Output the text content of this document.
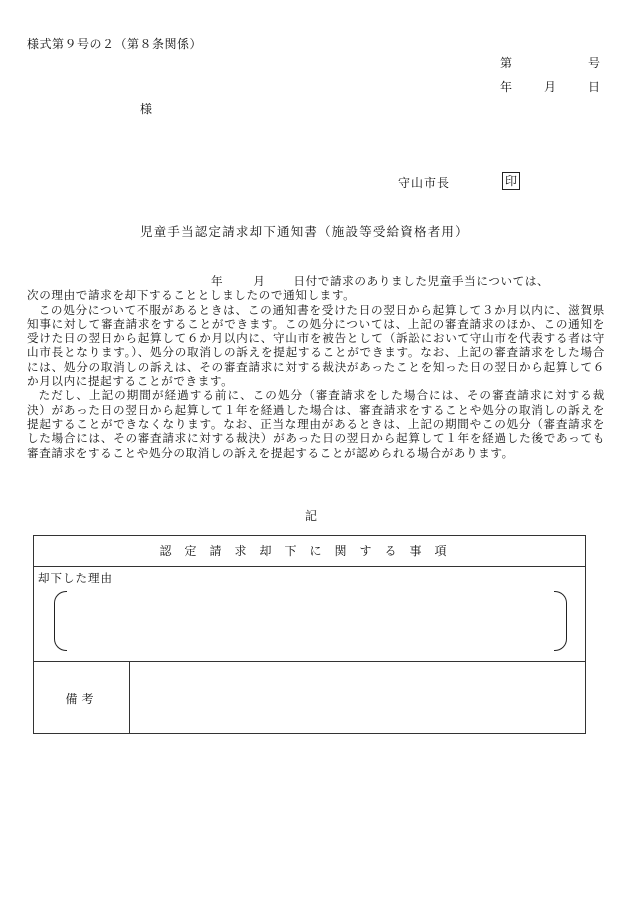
様式第９号の２（第８条関係）
第	号
年	月	日
様
守山市長	印
児童手当認定請求却下通知書（施設等受給資格者用）

年	月 日付で請求のありました児童手当については、

次の理由で請求を却下することとしましたので通知します。

この処分について不服があるときは、この通知書を受けた日の翌日から起算して３か月以内に、滋賀県知事に対して審査請求をすることができます。この処分については、上記の審査請求のほか、この通知を受けた日の翌日から起算して６か月以内に、守山市を被告として（訴訟において守山市を代表する者は守山市長となります。）、処分の取消しの訴えを提起することができます。なお、上記の審査請求をした場合には、処分の取消しの訴えは、その審査請求に対する裁決があったことを知った日の翌日から起算して６か月以内に提起することができます。

ただし、上記の期間が経過する前に、この処分（審査請求をした場合には、その審査請求に対する裁決）があった日の翌日から起算して１年を経過した場合は、審査請求をすることや処分の取消しの訴えを提起することができなくなります。なお、正当な理由があるときは、上記の期間やこの処分（審査請求をした場合には、その審査請求に対する裁決）があった日の翌日から起算して１年を経過した後であっても審査請求をすることや処分の取消しの訴えを提起することが認められる場合があります。

記
認定請求却下に関する事項
却下した理由
備考
